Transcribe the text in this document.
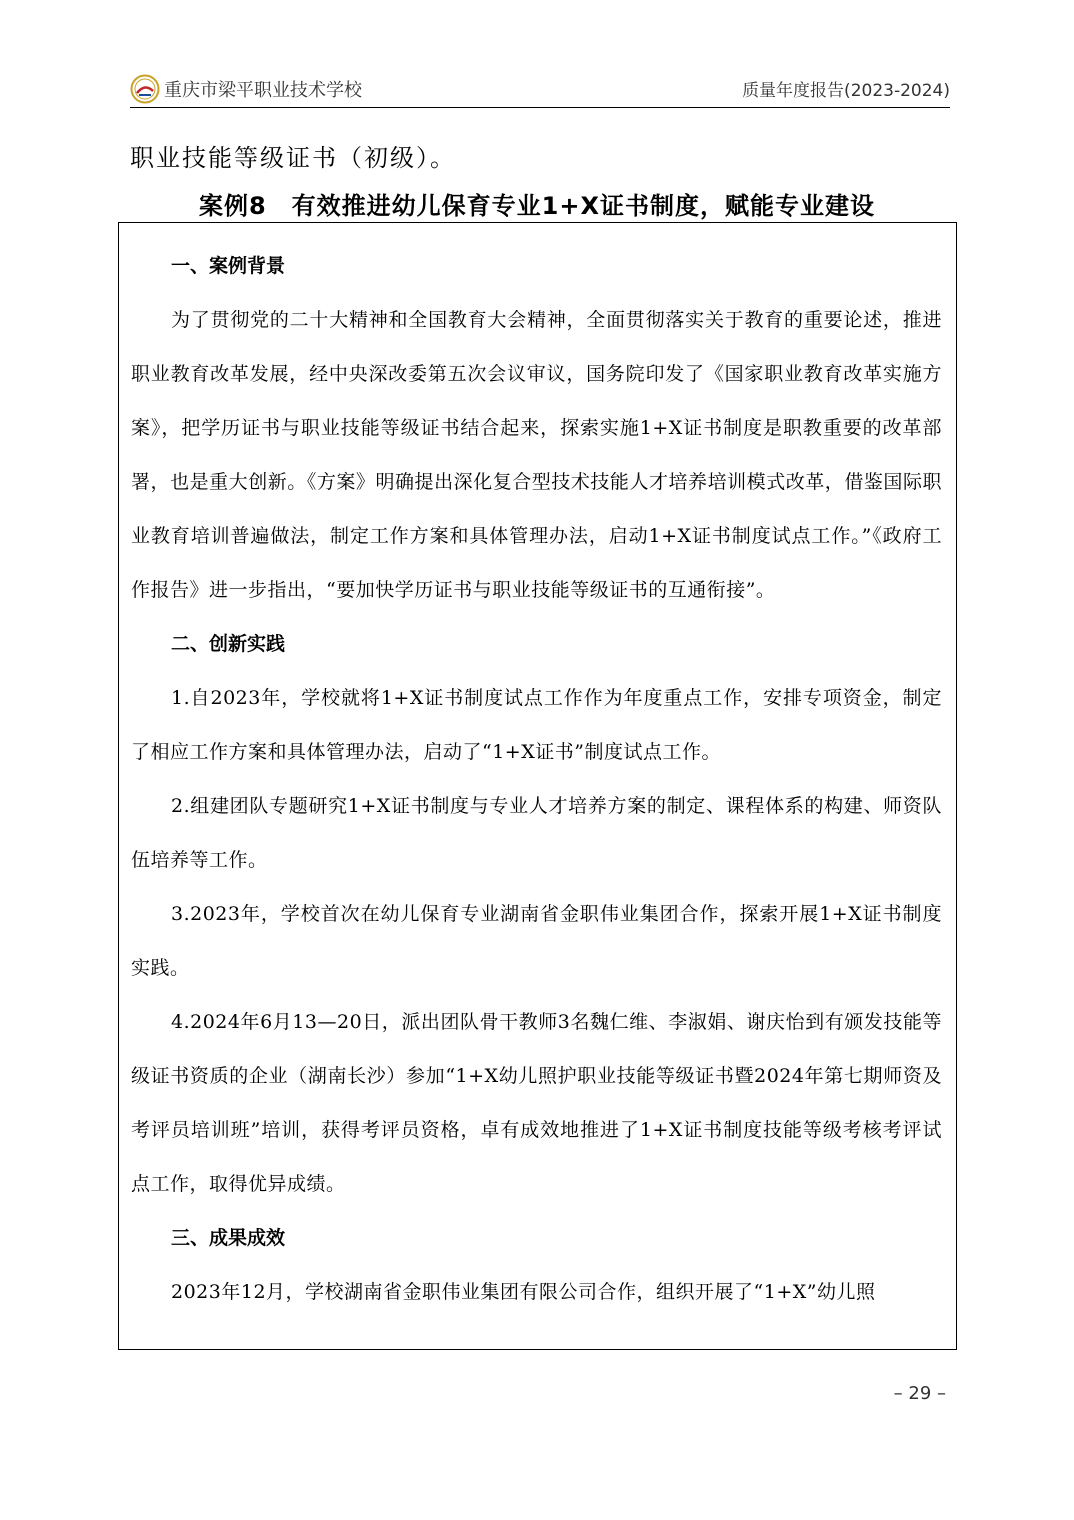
重庆市梁平职业技术学校	质量年度报告(2023-2024)
职业技能等级证书（初级）。
案例8　有效推进幼儿保育专业1+X证书制度，赋能专业建设

一、案例背景

为了贯彻党的二十大精神和全国教育大会精神，全面贯彻落实关于教育的重要论述，推进职业教育改革发展，经中央深改委第五次会议审议，国务院印发了《国家职业教育改革实施方案》，把学历证书与职业技能等级证书结合起来，探索实施1+X证书制度是职教重要的改革部署，也是重大创新。《方案》明确提出深化复合型技术技能人才培养培训模式改革，借鉴国际职业教育培训普遍做法，制定工作方案和具体管理办法，启动1+X证书制度试点工作。”《政府工作报告》进一步指出，“要加快学历证书与职业技能等级证书的互通衔接”。

二、创新实践

1.自2023年，学校就将1+X证书制度试点工作作为年度重点工作，安排专项资金，制定了相应工作方案和具体管理办法，启动了“1+X证书”制度试点工作。

2.组建团队专题研究1+X证书制度与专业人才培养方案的制定、课程体系的构建、师资队伍培养等工作。

3.2023年，学校首次在幼儿保育专业湖南省金职伟业集团合作，探索开展1+X证书制度实践。

4.2024年6月13—20日，派出团队骨干教师3名魏仁维、李淑娟、谢庆怡到有颁发技能等级证书资质的企业（湖南长沙）参加“1+X幼儿照护职业技能等级证书暨2024年第七期师资及考评员培训班”培训，获得考评员资格，卓有成效地推进了1+X证书制度技能等级考核考评试点工作，取得优异成绩。

三、成果成效

2023年12月，学校湖南省金职伟业集团有限公司合作，组织开展了“1+X”幼儿照

– 29 –
